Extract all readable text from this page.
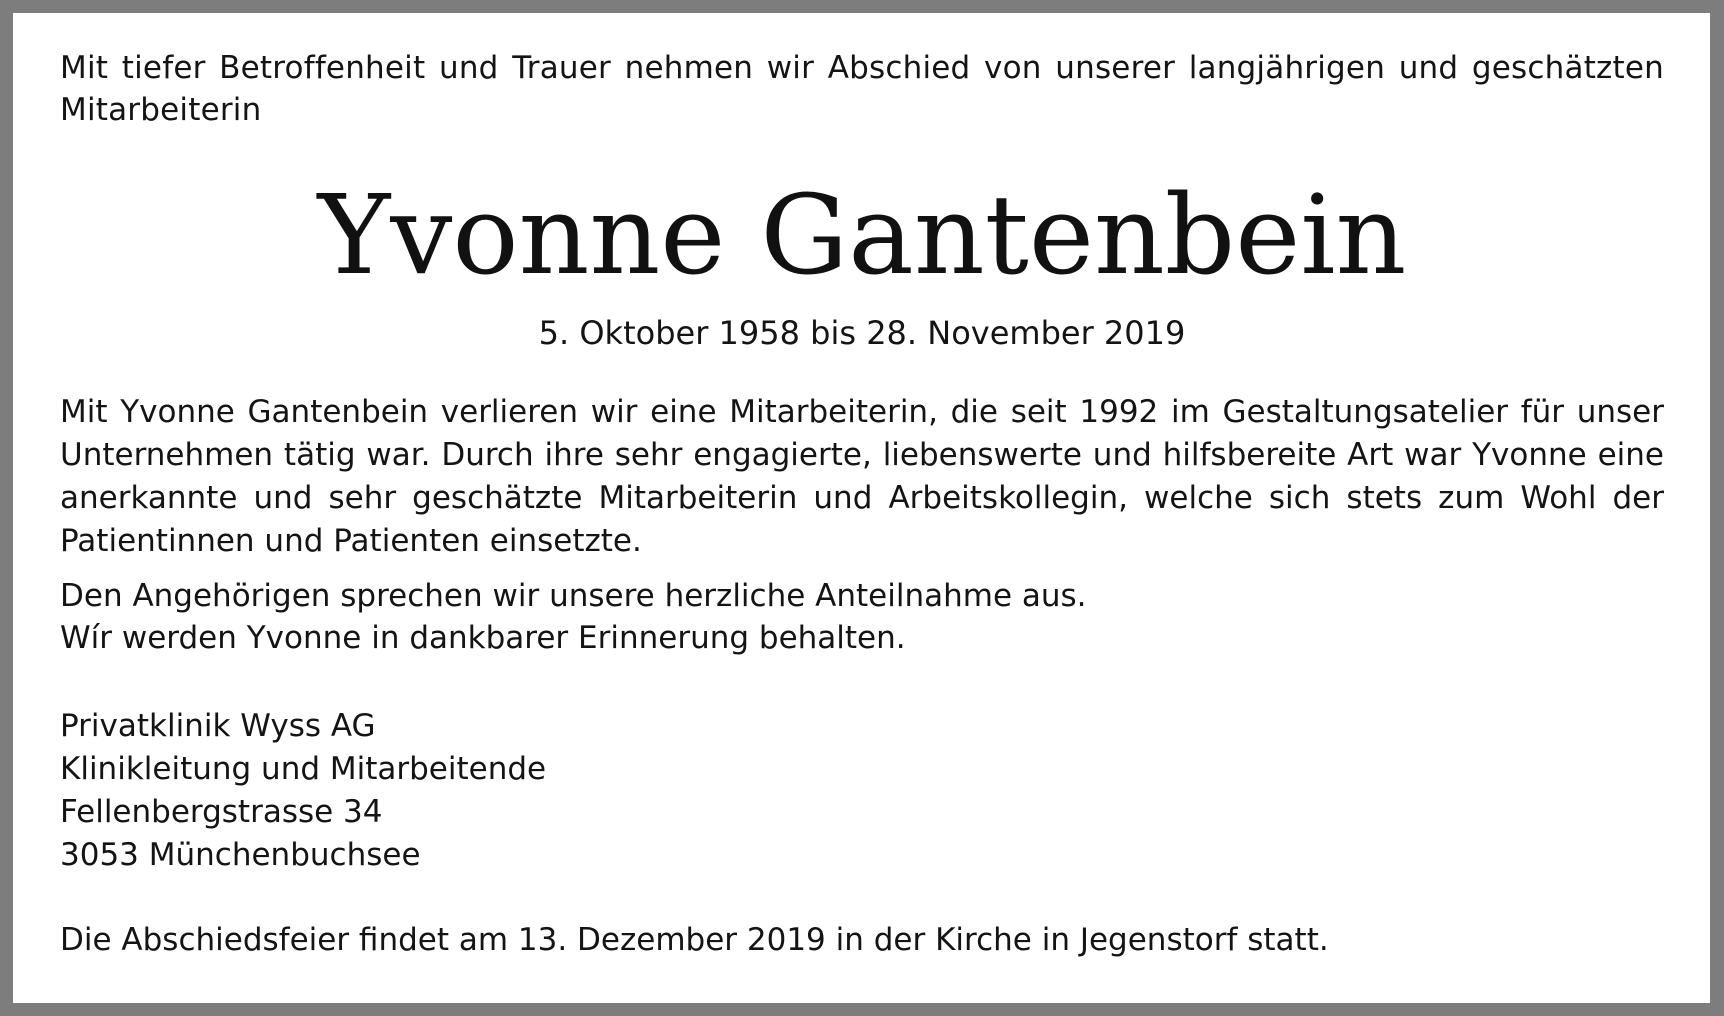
Mit tiefer Betroffenheit und Trauer nehmen wir Abschied von unserer langjährigen und geschätzten Mitarbeiterin

Yvonne Gantenbein

5. Oktober 1958 bis 28. November 2019

Mit Yvonne Gantenbein verlieren wir eine Mitarbeiterin, die seit 1992 im Gestaltungsatelier für unser Unternehmen tätig war. Durch ihre sehr engagierte, liebenswerte und hilfsbereite Art war Yvonne eine anerkannte und sehr geschätzte Mitarbeiterin und Arbeitskollegin, welche sich stets zum Wohl der Patientinnen und Patienten einsetzte.

Den Angehörigen sprechen wir unsere herzliche Anteilnahme aus.
Wír werden Yvonne in dankbarer Erinnerung behalten.

Privatklinik Wyss AG
Klinikleitung und Mitarbeitende
Fellenbergstrasse 34
3053 Münchenbuchsee

Die Abschiedsfeier findet am 13. Dezember 2019 in der Kirche in Jegenstorf statt.
